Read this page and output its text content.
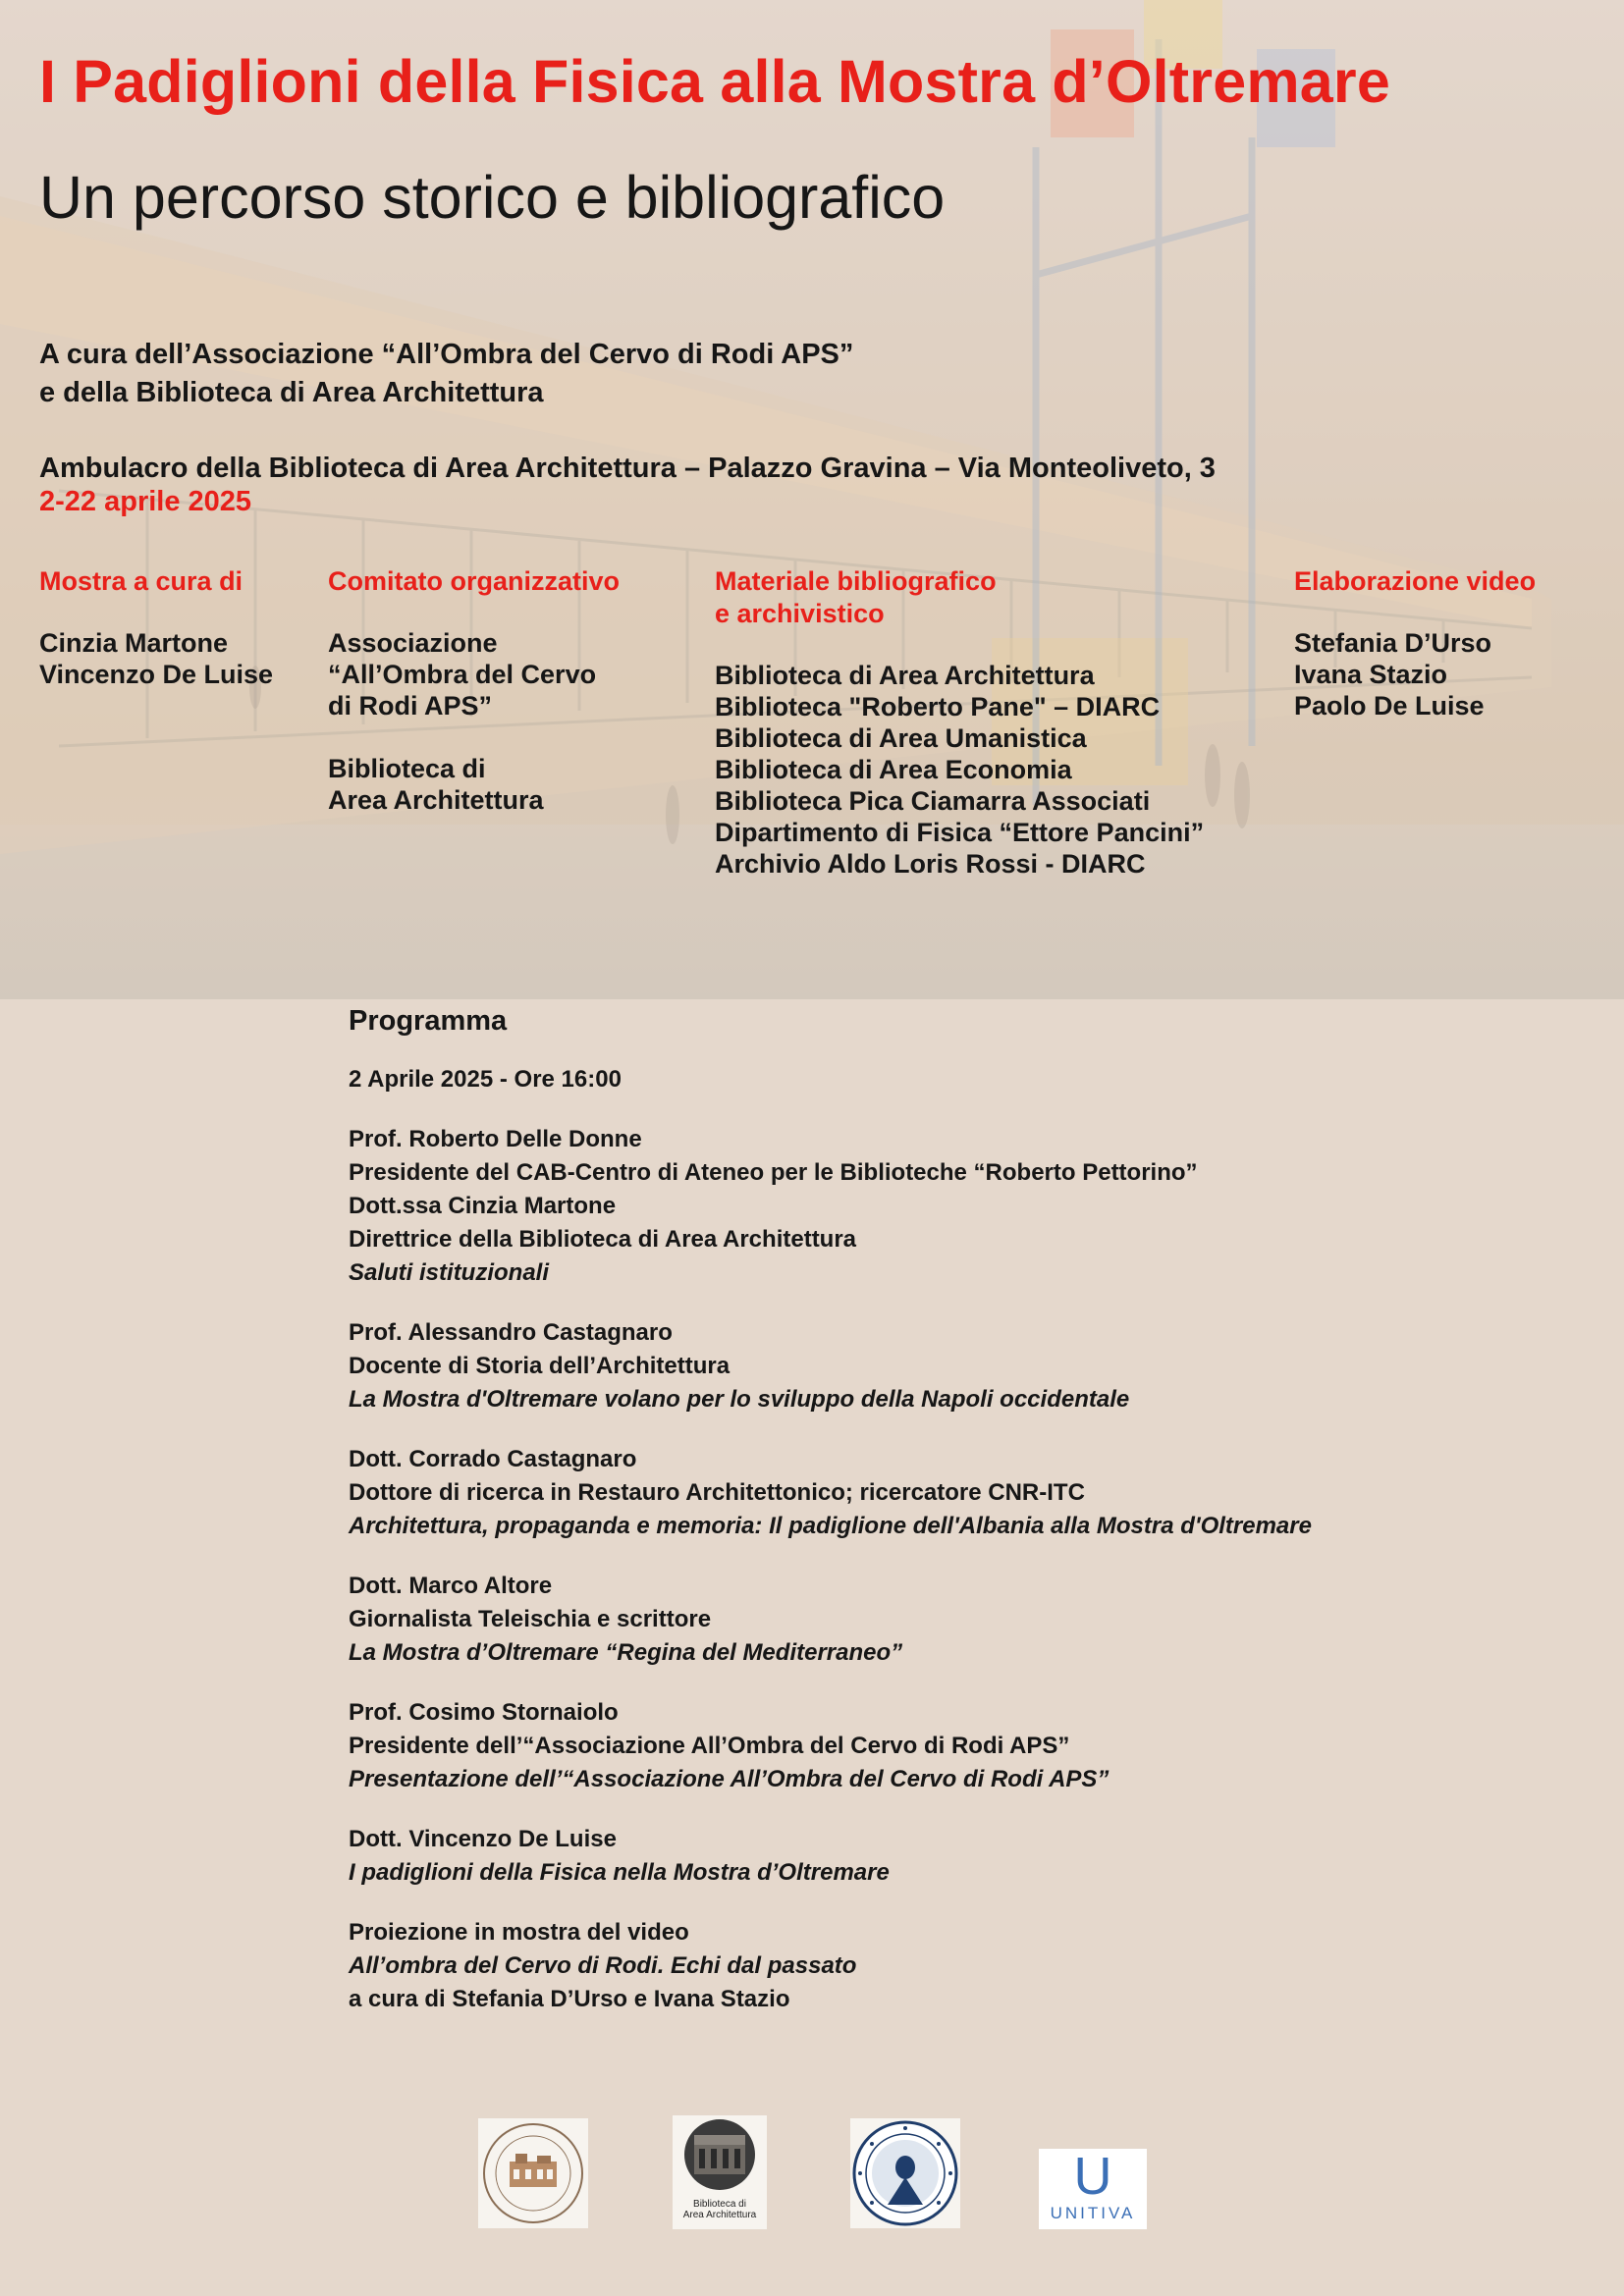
I Padiglioni della Fisica alla Mostra d’Oltremare
Un percorso storico e bibliografico
A cura dell’Associazione “All’Ombra del Cervo di Rodi APS”
e della Biblioteca di Area Architettura
Ambulacro della Biblioteca di Area Architettura – Palazzo Gravina – Via Monteoliveto, 3
2-22 aprile 2025
Mostra a cura di
Cinzia Martone
Vincenzo De Luise
Comitato organizzativo
Associazione
“All’Ombra del Cervo
di Rodi APS”
Biblioteca di
Area Architettura
Materiale bibliografico
e archivistico
Biblioteca di Area Architettura
Biblioteca "Roberto Pane" – DIARC
Biblioteca di Area Umanistica
Biblioteca di Area Economia
Biblioteca Pica Ciamarra Associati
Dipartimento di Fisica “Ettore Pancini”
Archivio Aldo Loris Rossi - DIARC
Elaborazione video
Stefania D’Urso
Ivana Stazio
Paolo De Luise
Programma
2 Aprile 2025 - Ore 16:00
Prof. Roberto Delle Donne
Presidente del CAB-Centro di Ateneo per le Biblioteche “Roberto Pettorino”
Dott.ssa Cinzia Martone
Direttrice della Biblioteca di Area Architettura
Saluti istituzionali
Prof. Alessandro Castagnaro
Docente di Storia dell’Architettura
La Mostra d'Oltremare volano per lo sviluppo della Napoli occidentale
Dott. Corrado Castagnaro
Dottore di ricerca in Restauro Architettonico; ricercatore CNR-ITC
Architettura, propaganda e memoria: Il padiglione dell'Albania alla Mostra d'Oltremare
Dott. Marco Altore
Giornalista Teleischia e scrittore
La Mostra d’Oltremare “Regina del Mediterraneo”
Prof. Cosimo Stornaiolo
Presidente dell’“Associazione All’Ombra del Cervo di Rodi APS”
Presentazione dell’“Associazione All’Ombra del Cervo di Rodi APS”
Dott. Vincenzo De Luise
I padiglioni della Fisica nella Mostra d’Oltremare
Proiezione in mostra del video
All’ombra del Cervo di Rodi. Echi dal passato
a cura di Stefania D’Urso e Ivana Stazio
Biblioteca di
Area Architettura
U
UNITIVA
